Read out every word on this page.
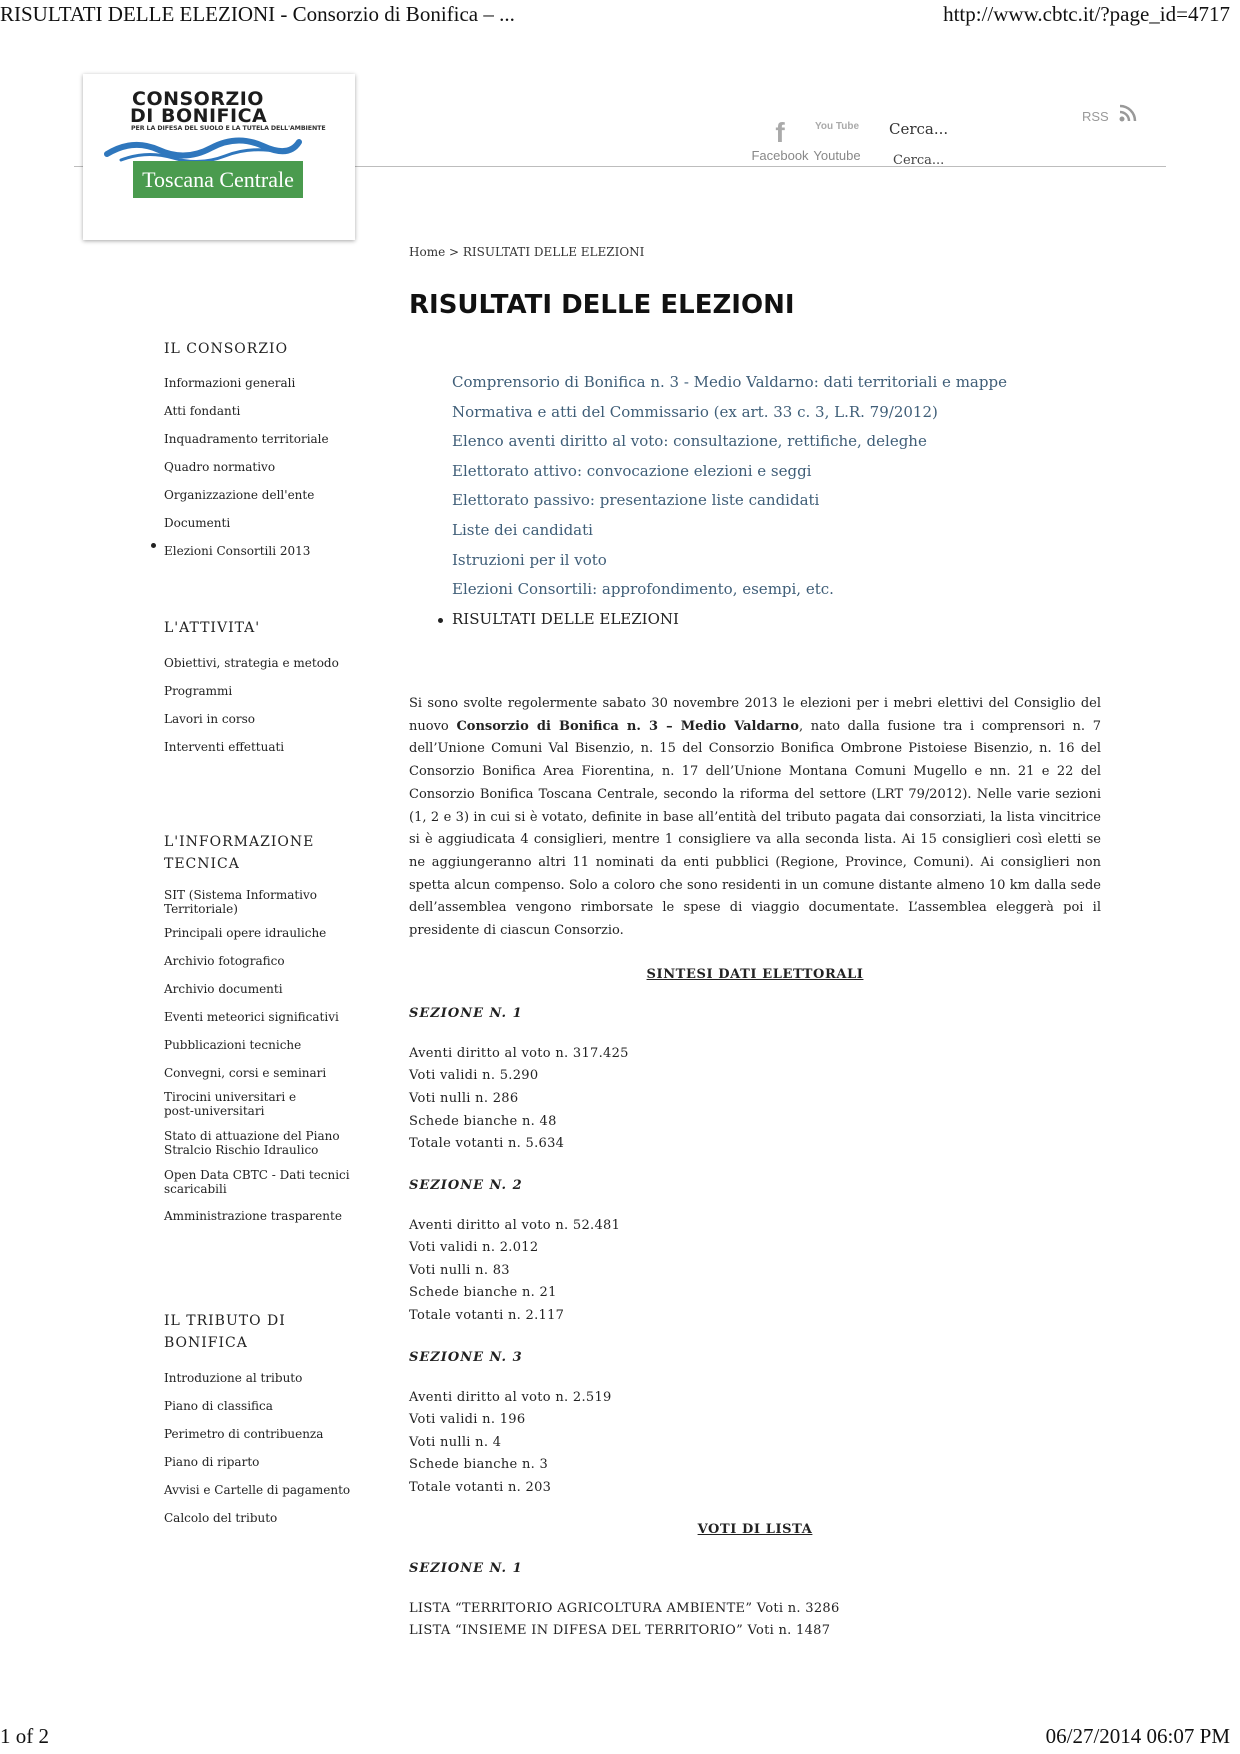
RISULTATI DELLE ELEZIONI - Consorzio di Bonifica – ...	http://www.cbtc.it/?page_id=4717
1 of 2	06/27/2014 06:07 PM
CONSORZIO
DI BONIFICA
PER LA DIFESA DEL SUOLO E LA TUTELA DELL'AMBIENTE
Toscana Centrale
f
Facebook
You Tube
Youtube
Cerca...
Cerca...
RSS
Home > RISULTATI DELLE ELEZIONI
RISULTATI DELLE ELEZIONI
IL CONSORZIO
Informazioni generali
Atti fondanti
Inquadramento territoriale
Quadro normativo
Organizzazione dell'ente
Documenti
Elezioni Consortili 2013
L'ATTIVITA'
Obiettivi, strategia e metodo
Programmi
Lavori in corso
Interventi effettuati
L'INFORMAZIONE TECNICA
SIT (Sistema Informativo Territoriale)
Principali opere idrauliche
Archivio fotografico
Archivio documenti
Eventi meteorici significativi
Pubblicazioni tecniche
Convegni, corsi e seminari
Tirocini universitari e post-universitari
Stato di attuazione del Piano Stralcio Rischio Idraulico
Open Data CBTC - Dati tecnici scaricabili
Amministrazione trasparente
IL TRIBUTO DI BONIFICA
Introduzione al tributo
Piano di classifica
Perimetro di contribuenza
Piano di riparto
Avvisi e Cartelle di pagamento
Calcolo del tributo
Comprensorio di Bonifica n. 3 - Medio Valdarno: dati territoriali e mappe
Normativa e atti del Commissario (ex art. 33 c. 3, L.R. 79/2012)
Elenco aventi diritto al voto: consultazione, rettifiche, deleghe
Elettorato attivo: convocazione elezioni e seggi
Elettorato passivo: presentazione liste candidati
Liste dei candidati
Istruzioni per il voto
Elezioni Consortili: approfondimento, esempi, etc.
RISULTATI DELLE ELEZIONI

Si sono svolte regolermente sabato 30 novembre 2013 le elezioni per i mebri elettivi del Consiglio del nuovo Consorzio di Bonifica n. 3 – Medio Valdarno, nato dalla fusione tra i comprensori n. 7 dell’Unione Comuni Val Bisenzio, n. 15 del Consorzio Bonifica Ombrone Pistoiese Bisenzio, n. 16 del Consorzio Bonifica Area Fiorentina, n. 17 dell’Unione Montana Comuni Mugello e nn. 21 e 22 del Consorzio Bonifica Toscana Centrale, secondo la riforma del settore (LRT 79/2012). Nelle varie sezioni (1, 2 e 3) in cui si è votato, definite in base all’entità del tributo pagata dai consorziati, la lista vincitrice si è aggiudicata 4 consiglieri, mentre 1 consigliere va alla seconda lista. Ai 15 consiglieri così eletti se ne aggiungeranno altri 11 nominati da enti pubblici (Regione, Province, Comuni). Ai consiglieri non spetta alcun compenso. Solo a coloro che sono residenti in un comune distante almeno 10 km dalla sede dell’assemblea vengono rimborsate le spese di viaggio documentate. L’assemblea eleggerà poi il presidente di ciascun Consorzio.

SINTESI DATI ELETTORALI

SEZIONE N. 1

Aventi diritto al voto n. 317.425

Voti validi n. 5.290

Voti nulli n. 286

Schede bianche n. 48

Totale votanti n. 5.634

SEZIONE N. 2

Aventi diritto al voto n. 52.481

Voti validi n. 2.012

Voti nulli n. 83

Schede bianche n. 21

Totale votanti n. 2.117

SEZIONE N. 3

Aventi diritto al voto n. 2.519

Voti validi n. 196

Voti nulli n. 4

Schede bianche n. 3

Totale votanti n. 203

VOTI DI LISTA

SEZIONE N. 1

LISTA “TERRITORIO AGRICOLTURA AMBIENTE” Voti n. 3286

LISTA “INSIEME IN DIFESA DEL TERRITORIO” Voti n. 1487
